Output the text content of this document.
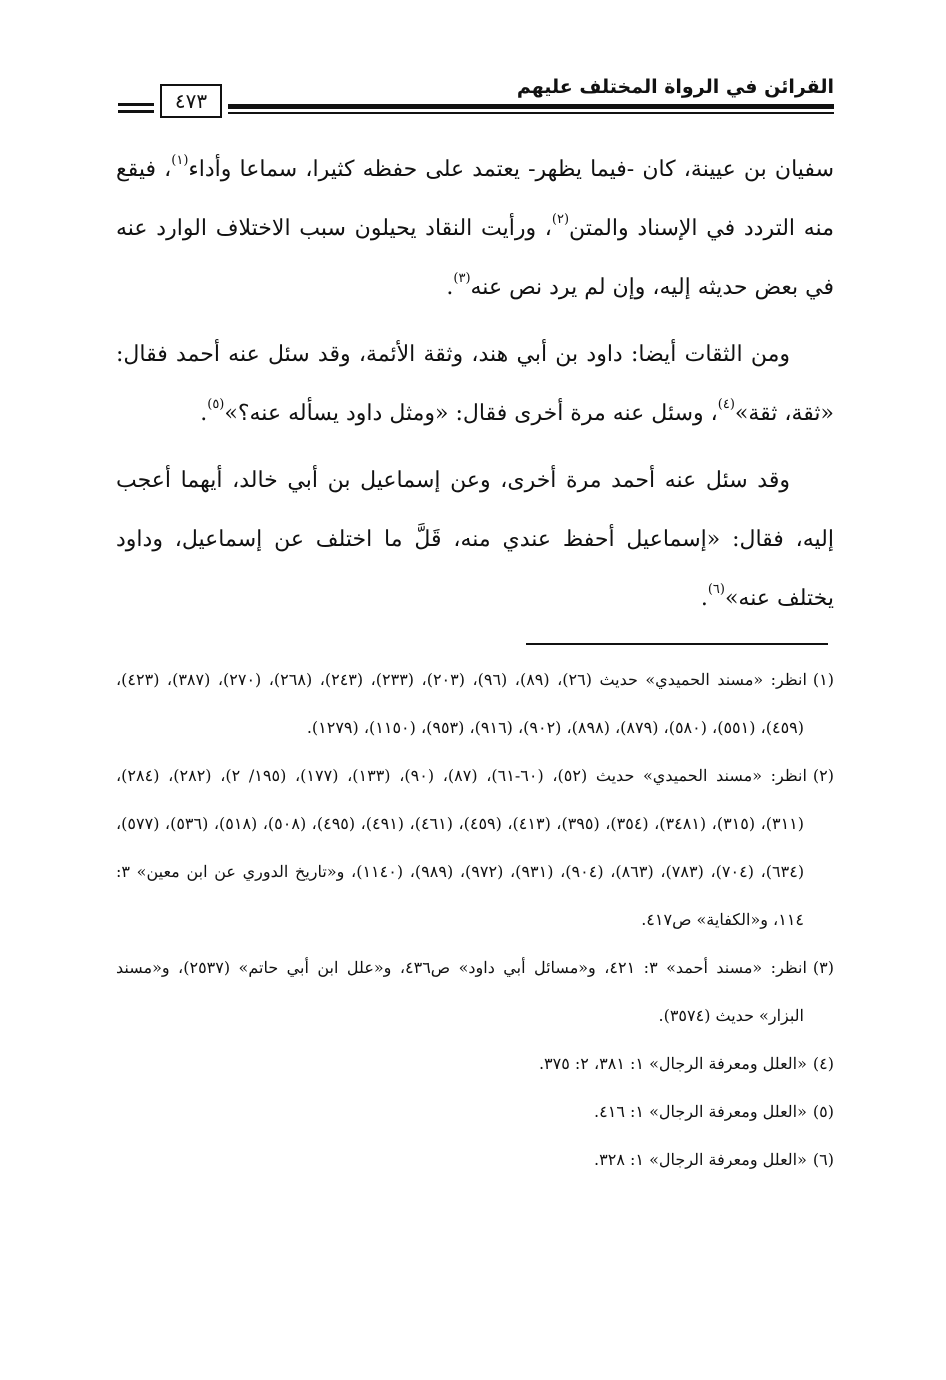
القرائن في الرواة المختلف عليهم
٤٧٣

سفيان بن عيينة، كان -فيما يظهر- يعتمد على حفظه كثيرا، سماعا وأداء$^{(١)}$، فيقع منه التردد في الإسناد والمتن$^{(٢)}$، ورأيت النقاد يحيلون سبب الاختلاف الوارد عنه في بعض حديثه إليه، وإن لم يرد نص عنه$^{(٣)}$.

ومن الثقات أيضا: داود بن أبي هند، وثقة الأئمة، وقد سئل عنه أحمد فقال: «ثقة، ثقة»$^{(٤)}$، وسئل عنه مرة أخرى فقال: «ومثل داود يسأله عنه؟»$^{(٥)}$.

وقد سئل عنه أحمد مرة أخرى، وعن إسماعيل بن أبي خالد، أيهما أعجب إليه، فقال: «إسماعيل أحفظ عندي منه، قَلَّ ما اختلف عن إسماعيل، وداود يختلف عنه»$^{(٦)}$.

(١)انظر: «مسند الحميدي» حديث (٢٦)، (٨٩)، (٩٦)، (٢٠٣)، (٢٣٣)، (٢٤٣)، (٢٦٨)، (٢٧٠)، (٣٨٧)، (٤٢٣)، (٤٥٩)، (٥٥١)، (٥٨٠)، (٨٧٩)، (٨٩٨)، (٩٠٢)، (٩١٦)، (٩٥٣)، (١١٥٠)، (١٢٧٩).

(٢)انظر: «مسند الحميدي» حديث (٥٢)، (٦٠-٦١)، (٨٧)، (٩٠)، (١٣٣)، (١٧٧)، (١٩٥/ ٢)، (٢٨٢)، (٢٨٤)، (٣١١)، (٣١٥)، (٣٤٨١)، (٣٥٤)، (٣٩٥)، (٤١٣)، (٤٥٩)، (٤٦١)، (٤٩١)، (٤٩٥)، (٥٠٨)، (٥١٨)، (٥٣٦)، (٥٧٧)، (٦٣٤)، (٧٠٤)، (٧٨٣)، (٨٦٣)، (٩٠٤)، (٩٣١)، (٩٧٢)، (٩٨٩)، (١١٤٠)، و«تاريخ الدوري عن ابن معين» ٣: ١١٤، و«الكفاية» ص٤١٧.

(٣)انظر: «مسند أحمد» ٣: ٤٢١، و«مسائل أبي داود» ص٤٣٦، و«علل ابن أبي حاتم» (٢٥٣٧)، و«مسند البزار» حديث (٣٥٧٤).

(٤)«العلل ومعرفة الرجال» ١: ٣٨١، ٢: ٣٧٥.

(٥)«العلل ومعرفة الرجال» ١: ٤١٦.

(٦)«العلل ومعرفة الرجال» ١: ٣٢٨.
